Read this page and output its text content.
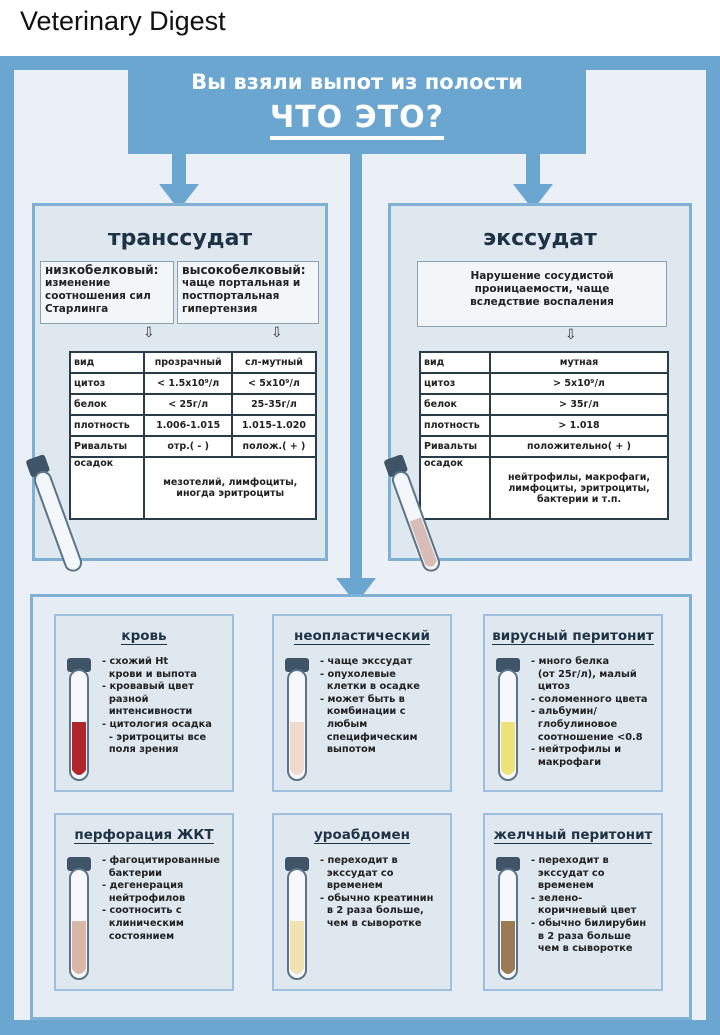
Veterinary Digest
Вы взяли выпот из полости
ЧТО ЭТО?
транссудат
низкобелковый:
изменение
соотношения сил
Старлинга
высокобелковый:
чаще портальная и
постпортальная
гипертензия
⇩	⇩
вид	прозрачный	сл-мутный
цитоз	< 1.5х10⁹/л	< 5х10⁹/л
белок	< 25г/л	25-35г/л
плотность	1.006-1.015	1.015-1.020
Ривальты	отр.( - )	полож.( + )
осадок	мезотелий, лимфоциты,
иногда эритроциты	
экссудат
Нарушение сосудистой
проницаемости, чаще
вследствие воспаления
⇩
вид	мутная
цитоз	> 5х10⁹/л
белок	> 35г/л
плотность	> 1.018
Ривальты	положительно( + )
осадок	нейтрофилы, макрофаги,
лимфоциты, эритроциты,
бактерии и т.п.
кровь
- схожий Ht
крови и выпота
- кровавый цвет
разной
интенсивности
- цитология осадка
- эритроциты все
поля зрения
неопластический
- чаще экссудат
- опухолевые
клетки в осадке
- может быть в
комбинации с
любым
специфическим
выпотом
вирусный перитонит
- много белка
(от 25г/л), малый
цитоз
- соломенного цвета
- альбумин/
глобулиновое
соотношение <0.8
- нейтрофилы и
макрофаги
перфорация ЖКТ
- фагоцитированные
бактерии
- дегенерация
нейтрофилов
- соотносить с
клиническим
состоянием
уроабдомен
- переходит в
экссудат со
временем
- обычно креатинин
в 2 раза больше,
чем в сыворотке
желчный перитонит
- переходит в
экссудат со
временем
- зелено-
коричневый цвет
- обычно билирубин
в 2 раза больше
чем в сыворотке
